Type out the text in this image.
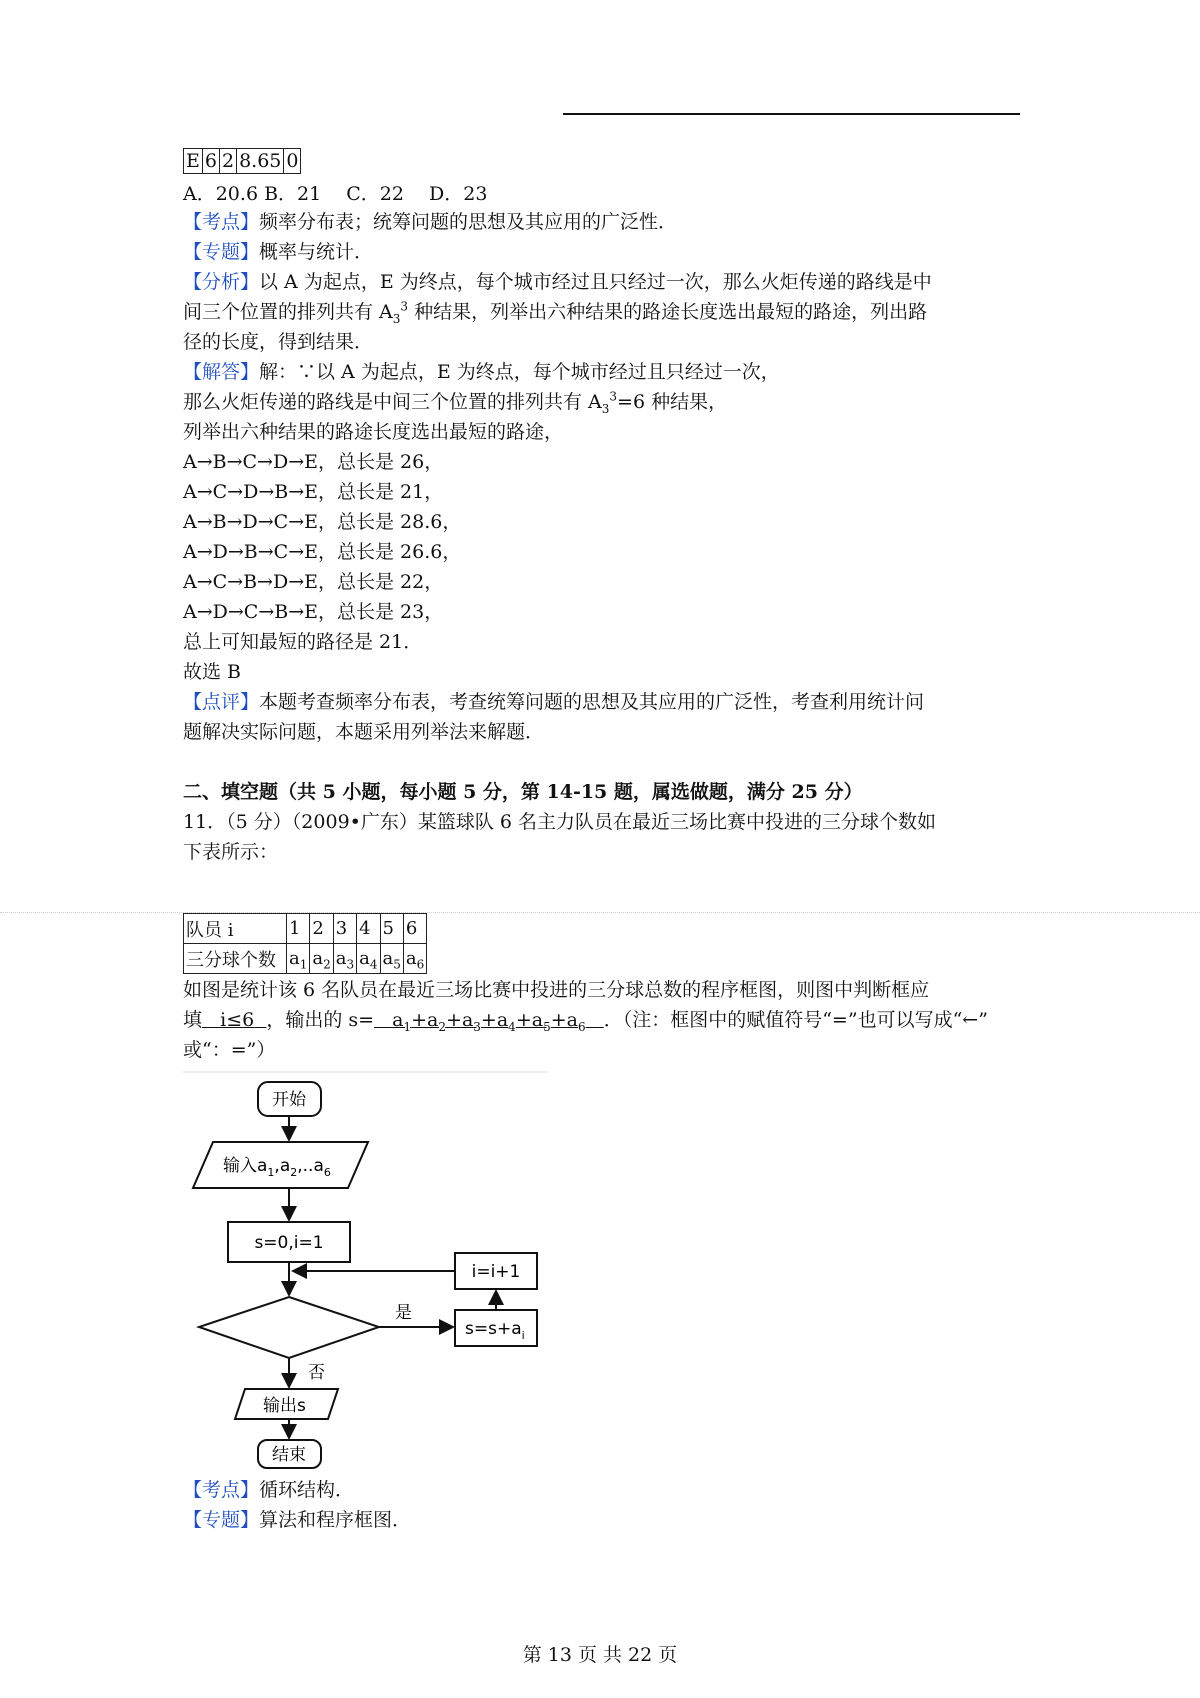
E	6	2	8.65	0
A．20.6 B．21　 C．22　 D．23
【考点】频率分布表；统筹问题的思想及其应用的广泛性．
【专题】概率与统计．
【分析】以 A 为起点，E 为终点，每个城市经过且只经过一次，那么火炬传递的路线是中
间三个位置的排列共有 $A_3^3$ 种结果，列举出六种结果的路途长度选出最短的路途，列出路
径的长度，得到结果．
【解答】解：∵以 A 为起点，E 为终点，每个城市经过且只经过一次，
那么火炬传递的路线是中间三个位置的排列共有 $A_3^3=6$ 种结果，
列举出六种结果的路途长度选出最短的路途，
A→B→C→D→E，总长是 26，
A→C→D→B→E，总长是 21，
A→B→D→C→E，总长是 28.6，
A→D→B→C→E，总长是 26.6，
A→C→B→D→E，总长是 22，
A→D→C→B→E，总长是 23，
总上可知最短的路径是 21．
故选 B
【点评】本题考查频率分布表，考查统筹问题的思想及其应用的广泛性，考查利用统计问
题解决实际问题，本题采用列举法来解题．
二、填空题（共 5 小题，每小题 5 分，第 14-15 题，属选做题，满分 25 分）
11．（5 分）（2009•广东）某篮球队 6 名主力队员在最近三场比赛中投进的三分球个数如
下表所示：
队员 i	1	2	3	4	5	6
三分球个数	$a_1$	$a_2$	$a_3$	$a_4$	$a_5$	$a_6$
如图是统计该 6 名队员在最近三场比赛中投进的三分球总数的程序框图，则图中判断框应
填 i≤6 ，输出的 $s= a_1+a_2+a_3+a_4+a_5+a_6$ ．（注：框图中的赋值符号“=”也可以写成“←”
或“：=”）
开始
输入$a_1,a_2,..a_6$
s=0,i=1
i=i+1
是
$s=s+a_i$
否
输出s
结束
【考点】循环结构．
【专题】算法和程序框图．
第 13 页 共 22 页
